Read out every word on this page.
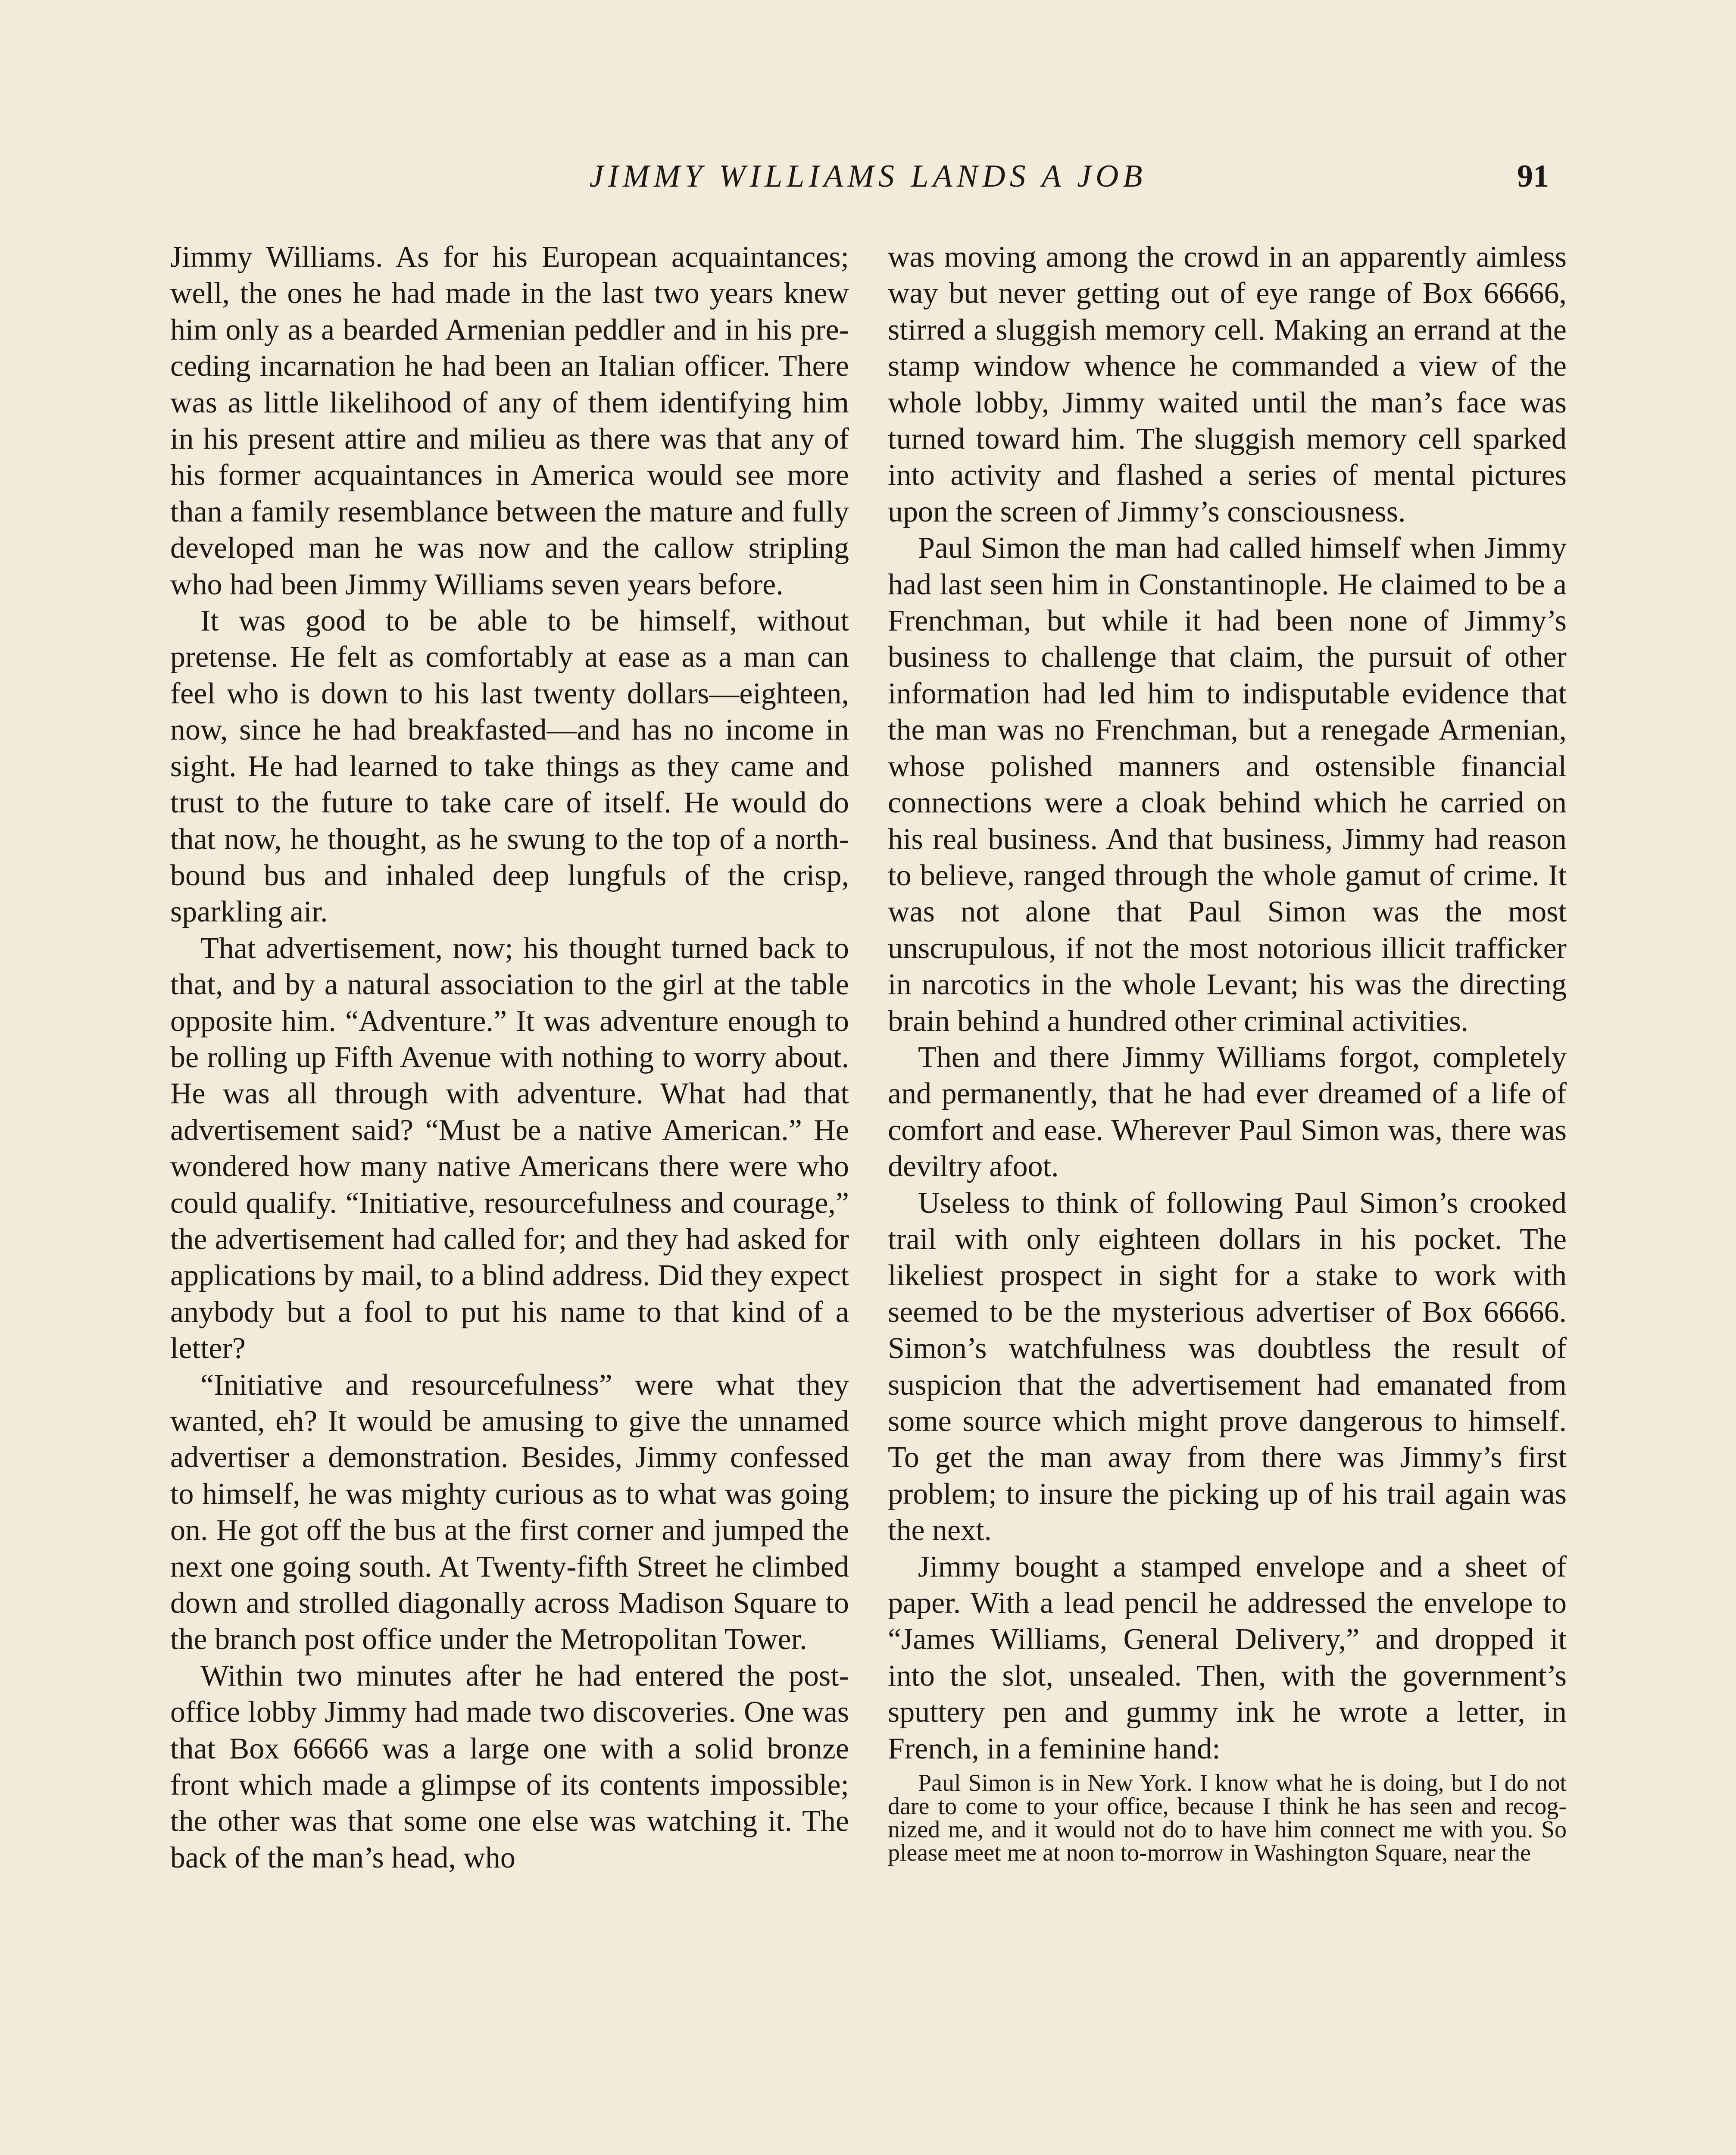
JIMMY WILLIAMS LANDS A JOB	91

Jimmy Williams. As for his European acquaintances; well, the ones he had made in the last two years knew him only as a bearded Armenian peddler and in his preceding incarnation he had been an Italian officer. There was as little likelihood of any of them identifying him in his present attire and milieu as there was that any of his former acquaintances in America would see more than a family resemblance between the mature and fully developed man he was now and the callow stripling who had been Jimmy Williams seven years before.

It was good to be able to be himself, without pretense. He felt as comfortably at ease as a man can feel who is down to his last twenty dollars—eighteen, now, since he had breakfasted—and has no income in sight. He had learned to take things as they came and trust to the future to take care of itself. He would do that now, he thought, as he swung to the top of a northbound bus and inhaled deep lungfuls of the crisp, sparkling air.

That advertisement, now; his thought turned back to that, and by a natural association to the girl at the table opposite him. “Adventure.” It was adventure enough to be rolling up Fifth Avenue with nothing to worry about. He was all through with adventure. What had that advertisement said? “Must be a native American.” He wondered how many native Americans there were who could qualify. “Initiative, resourcefulness and courage,” the advertisement had called for; and they had asked for applications by mail, to a blind address. Did they expect anybody but a fool to put his name to that kind of a letter?

“Initiative and resourcefulness” were what they wanted, eh? It would be amusing to give the unnamed advertiser a demonstration. Besides, Jimmy confessed to himself, he was mighty curious as to what was going on. He got off the bus at the first corner and jumped the next one going south. At Twenty-fifth Street he climbed down and strolled diagonally across Madison Square to the branch post office under the Metropolitan Tower.

Within two minutes after he had entered the post-office lobby Jimmy had made two discoveries. One was that Box 66666 was a large one with a solid bronze front which made a glimpse of its contents impossible; the other was that some one else was watching it. The back of the man’s head, who

was moving among the crowd in an apparently aimless way but never getting out of eye range of Box 66666, stirred a sluggish memory cell. Making an errand at the stamp window whence he commanded a view of the whole lobby, Jimmy waited until the man’s face was turned toward him. The sluggish memory cell sparked into activity and flashed a series of mental pictures upon the screen of Jimmy’s consciousness.

Paul Simon the man had called himself when Jimmy had last seen him in Constantinople. He claimed to be a Frenchman, but while it had been none of Jimmy’s business to challenge that claim, the pursuit of other information had led him to indisputable evidence that the man was no Frenchman, but a renegade Armenian, whose polished manners and ostensible financial connections were a cloak behind which he carried on his real business. And that business, Jimmy had reason to believe, ranged through the whole gamut of crime. It was not alone that Paul Simon was the most unscrupulous, if not the most notorious illicit trafficker in narcotics in the whole Levant; his was the directing brain behind a hundred other criminal activities.

Then and there Jimmy Williams forgot, completely and permanently, that he had ever dreamed of a life of comfort and ease. Wherever Paul Simon was, there was deviltry afoot.

Useless to think of following Paul Simon’s crooked trail with only eighteen dollars in his pocket. The likeliest prospect in sight for a stake to work with seemed to be the mysterious advertiser of Box 66666. Simon’s watchfulness was doubtless the result of suspicion that the advertisement had emanated from some source which might prove dangerous to himself. To get the man away from there was Jimmy’s first problem; to insure the picking up of his trail again was the next.

Jimmy bought a stamped envelope and a sheet of paper. With a lead pencil he addressed the envelope to “James Williams, General Delivery,” and dropped it into the slot, unsealed. Then, with the government’s sputtery pen and gummy ink he wrote a letter, in French, in a feminine hand:

Paul Simon is in New York. I know what he is doing, but I do not dare to come to your office, because I think he has seen and recognized me, and it would not do to have him connect me with you. So please meet me at noon to-morrow in Washington Square, near the
